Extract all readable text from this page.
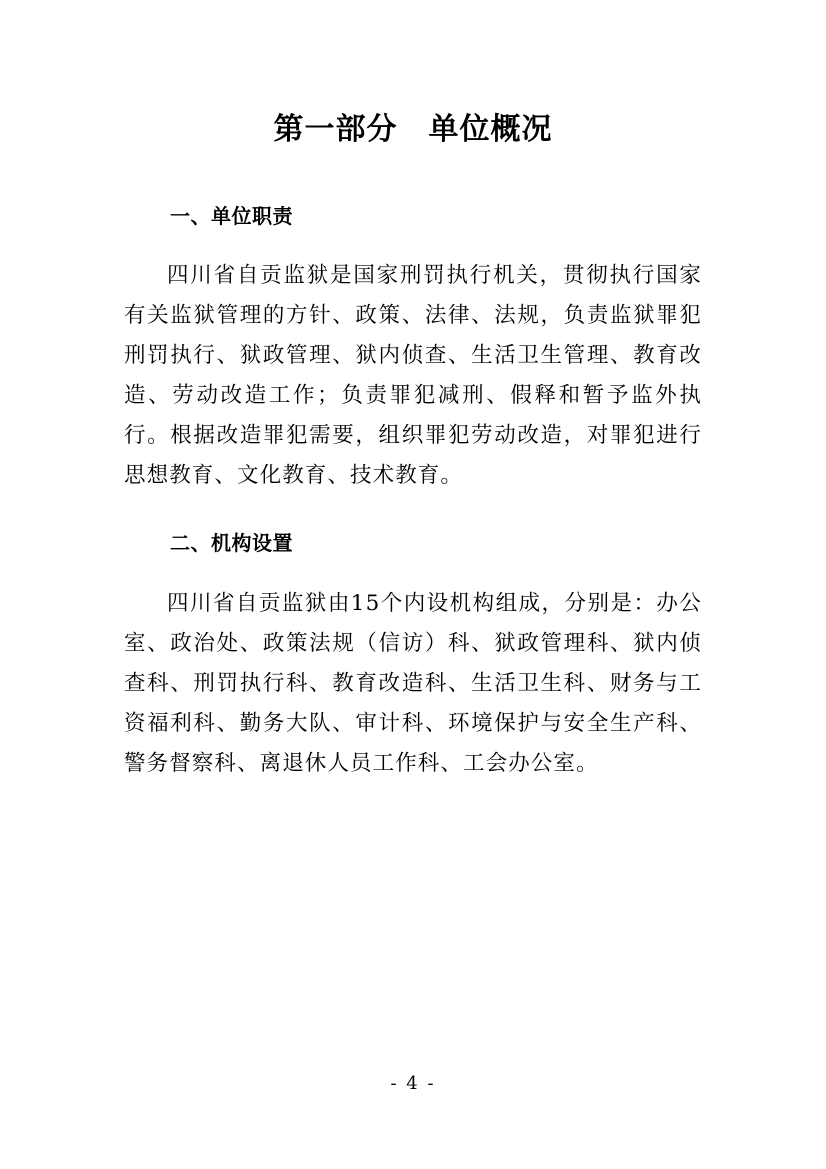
第一部分　单位概况
一、单位职责

四川省自贡监狱是国家刑罚执行机关，贯彻执行国家有关监狱管理的方针、政策、法律、法规，负责监狱罪犯刑罚执行、狱政管理、狱内侦查、生活卫生管理、教育改造、劳动改造工作；负责罪犯减刑、假释和暂予监外执行。根据改造罪犯需要，组织罪犯劳动改造，对罪犯进行思想教育、文化教育、技术教育。

二、机构设置

四川省自贡监狱由15个内设机构组成，分别是：办公室、政治处、政策法规（信访）科、狱政管理科、狱内侦查科、刑罚执行科、教育改造科、生活卫生科、财务与工资福利科、勤务大队、审计科、环境保护与安全生产科、警务督察科、离退休人员工作科、工会办公室。

- 4 -
